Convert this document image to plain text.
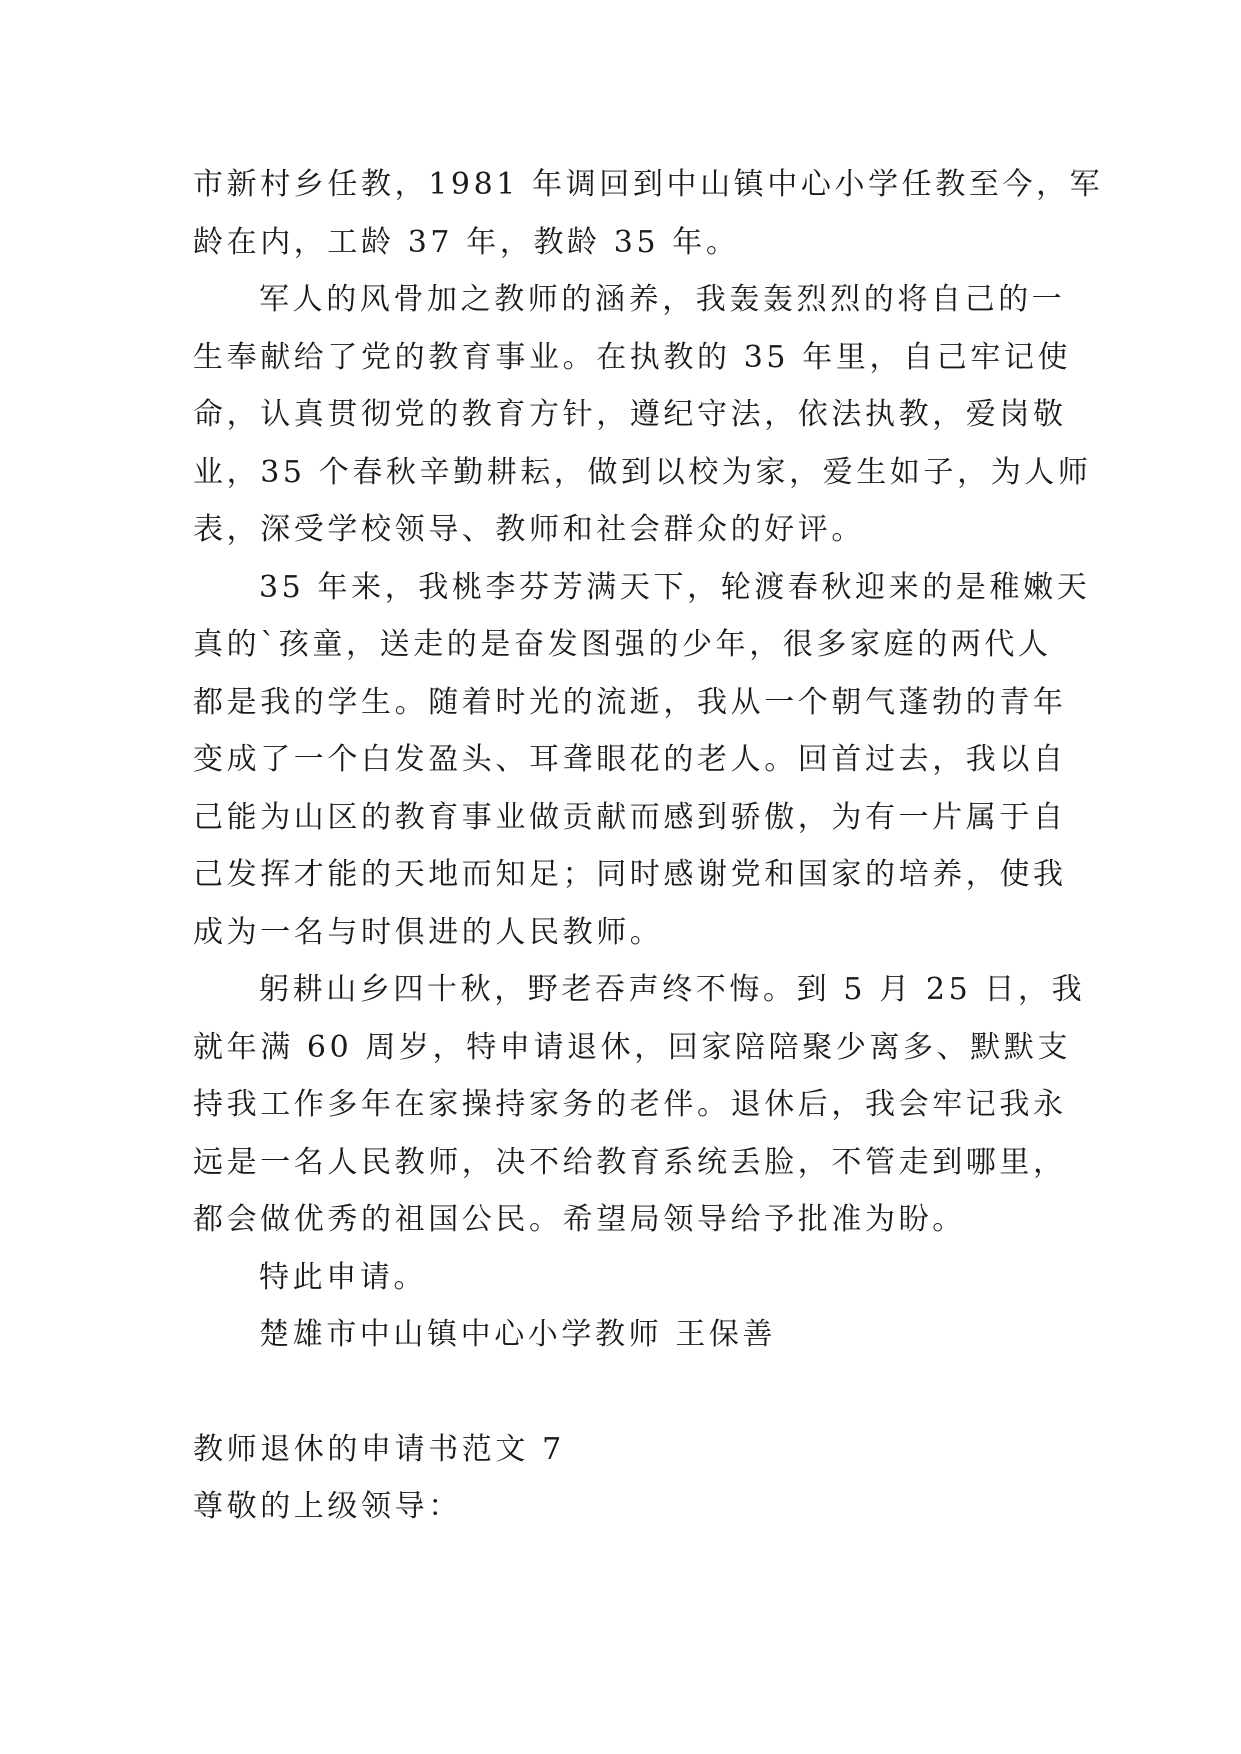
市新村乡任教，1981 年调回到中山镇中心小学任教至今，军

龄在内，工龄 37 年，教龄 35 年。

军人的风骨加之教师的涵养，我轰轰烈烈的将自己的一

生奉献给了党的教育事业。在执教的 35 年里，自己牢记使

命，认真贯彻党的教育方针，遵纪守法，依法执教，爱岗敬

业，35 个春秋辛勤耕耘，做到以校为家，爱生如子，为人师

表，深受学校领导、教师和社会群众的好评。

35 年来，我桃李芬芳满天下，轮渡春秋迎来的是稚嫩天

真的`孩童，送走的是奋发图强的少年，很多家庭的两代人

都是我的学生。随着时光的流逝，我从一个朝气蓬勃的青年

变成了一个白发盈头、耳聋眼花的老人。回首过去，我以自

己能为山区的教育事业做贡献而感到骄傲，为有一片属于自

己发挥才能的天地而知足；同时感谢党和国家的培养，使我

成为一名与时俱进的人民教师。

躬耕山乡四十秋，野老吞声终不悔。到 5 月 25 日，我

就年满 60 周岁，特申请退休，回家陪陪聚少离多、默默支

持我工作多年在家操持家务的老伴。退休后，我会牢记我永

远是一名人民教师，决不给教育系统丢脸，不管走到哪里，

都会做优秀的祖国公民。希望局领导给予批准为盼。

特此申请。

楚雄市中山镇中心小学教师 王保善

教师退休的申请书范文 7

尊敬的上级领导：
